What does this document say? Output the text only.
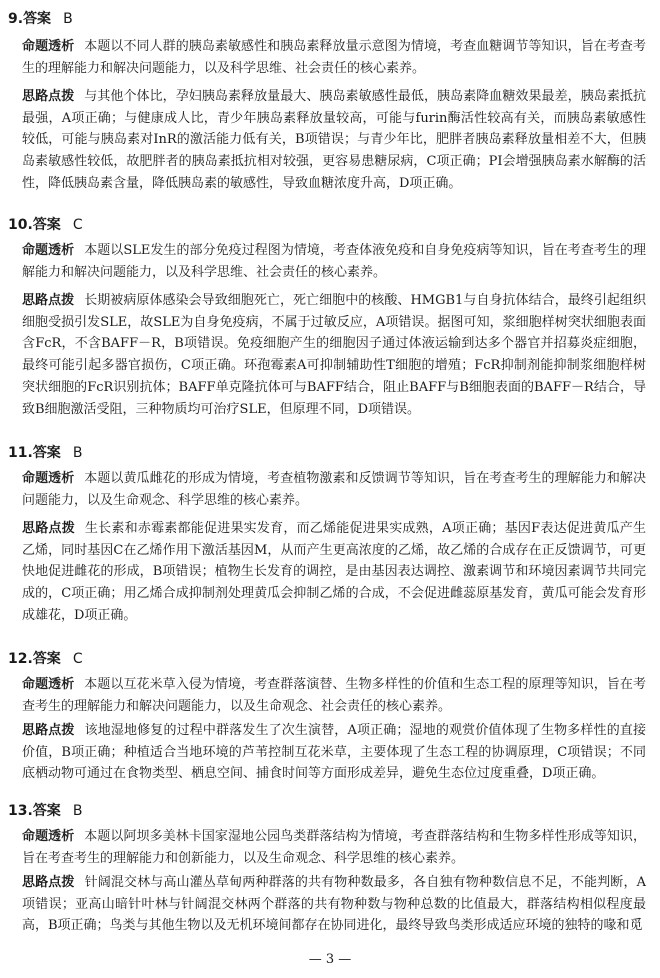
9.答案 B
命题透析 本题以不同人群的胰岛素敏感性和胰岛素释放量示意图为情境，考查血糖调节等知识，旨在考查考生的理解能力和解决问题能力，以及科学思维、社会责任的核心素养。
思路点拨 与其他个体比，孕妇胰岛素释放量最大、胰岛素敏感性最低，胰岛素降血糖效果最差，胰岛素抵抗最强，A项正确；与健康成人比，青少年胰岛素释放量较高，可能与furin酶活性较高有关，而胰岛素敏感性较低，可能与胰岛素对InR的激活能力低有关，B项错误；与青少年比，肥胖者胰岛素释放量相差不大，但胰岛素敏感性较低，故肥胖者的胰岛素抵抗相对较强，更容易患糖尿病，C项正确；PI会增强胰岛素水解酶的活性，降低胰岛素含量，降低胰岛素的敏感性，导致血糖浓度升高，D项正确。
10.答案 C
命题透析 本题以SLE发生的部分免疫过程图为情境，考查体液免疫和自身免疫病等知识，旨在考查考生的理解能力和解决问题能力，以及科学思维、社会责任的核心素养。
思路点拨 长期被病原体感染会导致细胞死亡，死亡细胞中的核酸、HMGB1与自身抗体结合，最终引起组织细胞受损引发SLE，故SLE为自身免疫病，不属于过敏反应，A项错误。据图可知，浆细胞样树突状细胞表面含FcR，不含BAFF－R，B项错误。免疫细胞产生的细胞因子通过体液运输到达多个器官并招募炎症细胞，最终可能引起多器官损伤，C项正确。环孢霉素A可抑制辅助性T细胞的增殖；FcR抑制剂能抑制浆细胞样树突状细胞的FcR识别抗体；BAFF单克隆抗体可与BAFF结合，阻止BAFF与B细胞表面的BAFF－R结合，导致B细胞激活受阻，三种物质均可治疗SLE，但原理不同，D项错误。
11.答案 B
命题透析 本题以黄瓜雌花的形成为情境，考查植物激素和反馈调节等知识，旨在考查考生的理解能力和解决问题能力，以及生命观念、科学思维的核心素养。
思路点拨 生长素和赤霉素都能促进果实发育，而乙烯能促进果实成熟，A项正确；基因F表达促进黄瓜产生乙烯，同时基因C在乙烯作用下激活基因M，从而产生更高浓度的乙烯，故乙烯的合成存在正反馈调节，可更快地促进雌花的形成，B项错误；植物生长发育的调控，是由基因表达调控、激素调节和环境因素调节共同完成的，C项正确；用乙烯合成抑制剂处理黄瓜会抑制乙烯的合成，不会促进雌蕊原基发育，黄瓜可能会发育形成雄花，D项正确。
12.答案 C
命题透析 本题以互花米草入侵为情境，考查群落演替、生物多样性的价值和生态工程的原理等知识，旨在考查考生的理解能力和解决问题能力，以及生命观念、社会责任的核心素养。
思路点拨 该地湿地修复的过程中群落发生了次生演替，A项正确；湿地的观赏价值体现了生物多样性的直接价值，B项正确；种植适合当地环境的芦苇控制互花米草，主要体现了生态工程的协调原理，C项错误；不同底栖动物可通过在食物类型、栖息空间、捕食时间等方面形成差异，避免生态位过度重叠，D项正确。
13.答案 B
命题透析 本题以阿坝多美林卡国家湿地公园鸟类群落结构为情境，考查群落结构和生物多样性形成等知识，旨在考查考生的理解能力和创新能力，以及生命观念、科学思维的核心素养。
思路点拨 针阔混交林与高山灌丛草甸两种群落的共有物种数最多，各自独有物种数信息不足，不能判断，A项错误；亚高山暗针叶林与针阔混交林两个群落的共有物种数与物种总数的比值最大，群落结构相似程度最高，B项正确；鸟类与其他生物以及无机环境间都存在协同进化，最终导致鸟类形成适应环境的独特的喙和觅
— 3 —
